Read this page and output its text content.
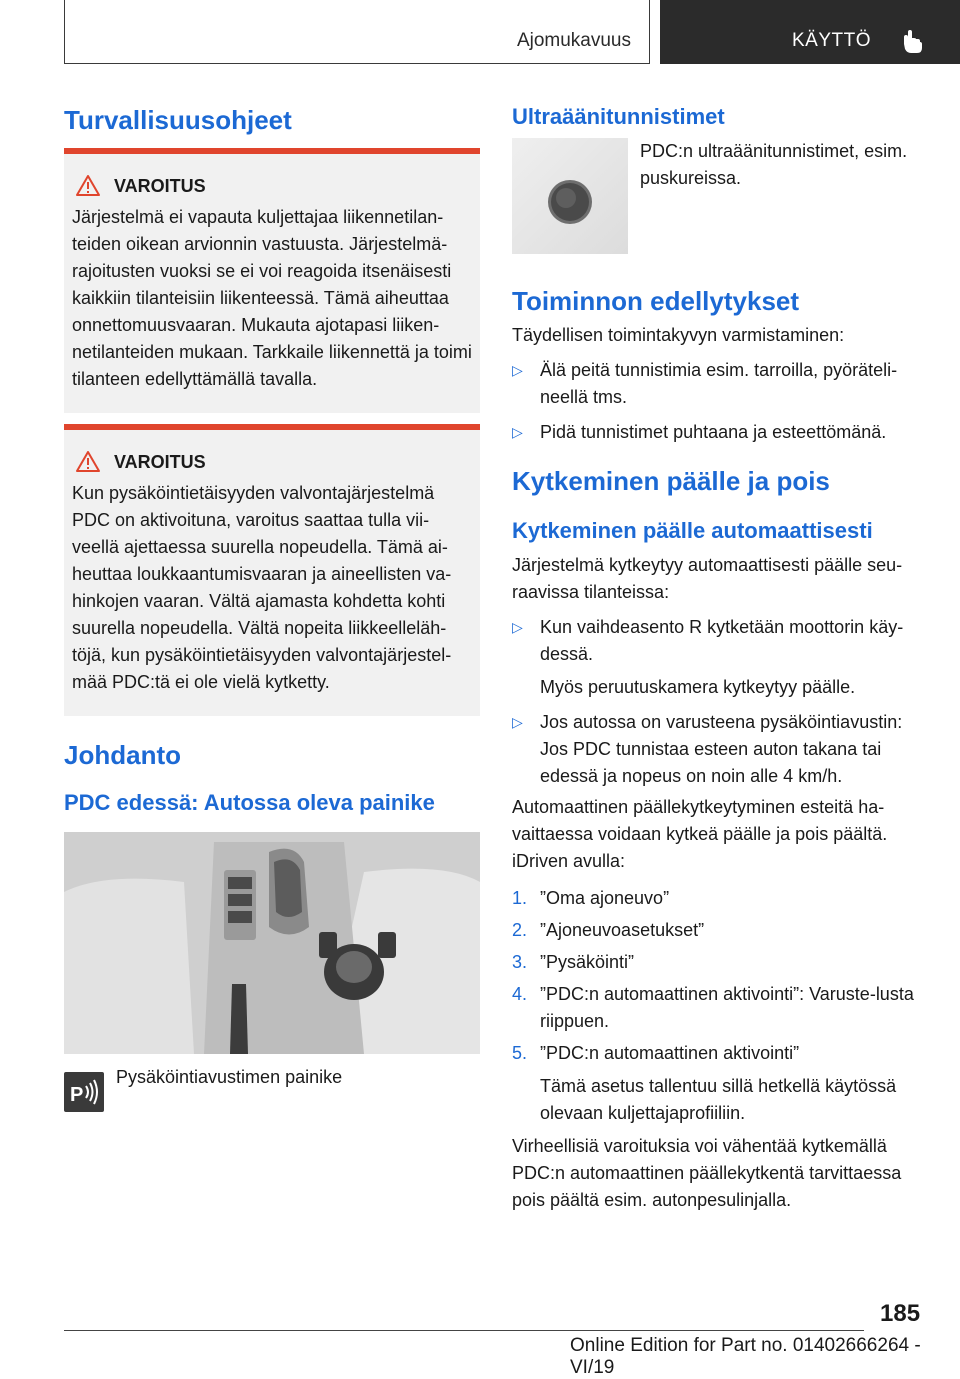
Ajomukavuus	KÄYTTÖ
Turvallisuusohjeet
VAROITUS
Järjestelmä ei vapauta kuljettajaa liikennetilan‐teiden oikean arvionnin vastuusta. Järjestelmä‐rajoitusten vuoksi se ei voi reagoida itsenäisesti kaikkiin tilanteisiin liikenteessä. Tämä aiheuttaa onnettomuusvaaran. Mukauta ajotapasi liiken‐netilanteiden mukaan. Tarkkaile liikennettä ja toimi tilanteen edellyttämällä tavalla.
VAROITUS
Kun pysäköintietäisyyden valvontajärjestelmä PDC on aktivoituna, varoitus saattaa tulla vii‐veellä ajettaessa suurella nopeudella. Tämä ai‐heuttaa loukkaantumisvaaran ja aineellisten va‐hinkojen vaaran. Vältä ajamasta kohdetta kohti suurella nopeudella. Vältä nopeita liikkeelleläh‐töjä, kun pysäköintietäisyyden valvontajärjestel‐mää PDC:tä ei ole vielä kytketty.
Johdanto
PDC edessä: Autossa oleva painike
P
Pysäköintiavustimen painike
Ultraäänitunnistimet
PDC:n ultraäänitunnistimet, esim. puskureissa.
Toiminnon edellytykset
Täydellisen toimintakyvyn varmistaminen:
▷ Älä peitä tunnistimia esim. tarroilla, pyöräteli‐neellä tms.
▷ Pidä tunnistimet puhtaana ja esteettömänä.
Kytkeminen päälle ja pois
Kytkeminen päälle automaattisesti
Järjestelmä kytkeytyy automaattisesti päälle seu‐raavissa tilanteissa:
▷ Kun vaihdeasento R kytketään moottorin käy‐dessä.
Myös peruutuskamera kytkeytyy päälle.
▷ Jos autossa on varusteena pysäköintiavustin: Jos PDC tunnistaa esteen auton takana tai edessä ja nopeus on noin alle 4 km/h.
Automaattinen päällekytkeytyminen esteitä ha‐vaittaessa voidaan kytkeä päälle ja pois päältä. iDriven avulla:
1. ”Oma ajoneuvo”
2. ”Ajoneuvoasetukset”
3. ”Pysäköinti”
4. ”PDC:n automaattinen aktivointi”: Varuste‐lusta riippuen.
5. ”PDC:n automaattinen aktivointi”
Tämä asetus tallentuu sillä hetkellä käytössä olevaan kuljettajaprofiiliin.
Virheellisiä varoituksia voi vähentää kytkemällä PDC:n automaattinen päällekytkentä tarvittaessa pois päältä esim. autonpesulinjalla.
185
Online Edition for Part no. 01402666264 - VI/19
